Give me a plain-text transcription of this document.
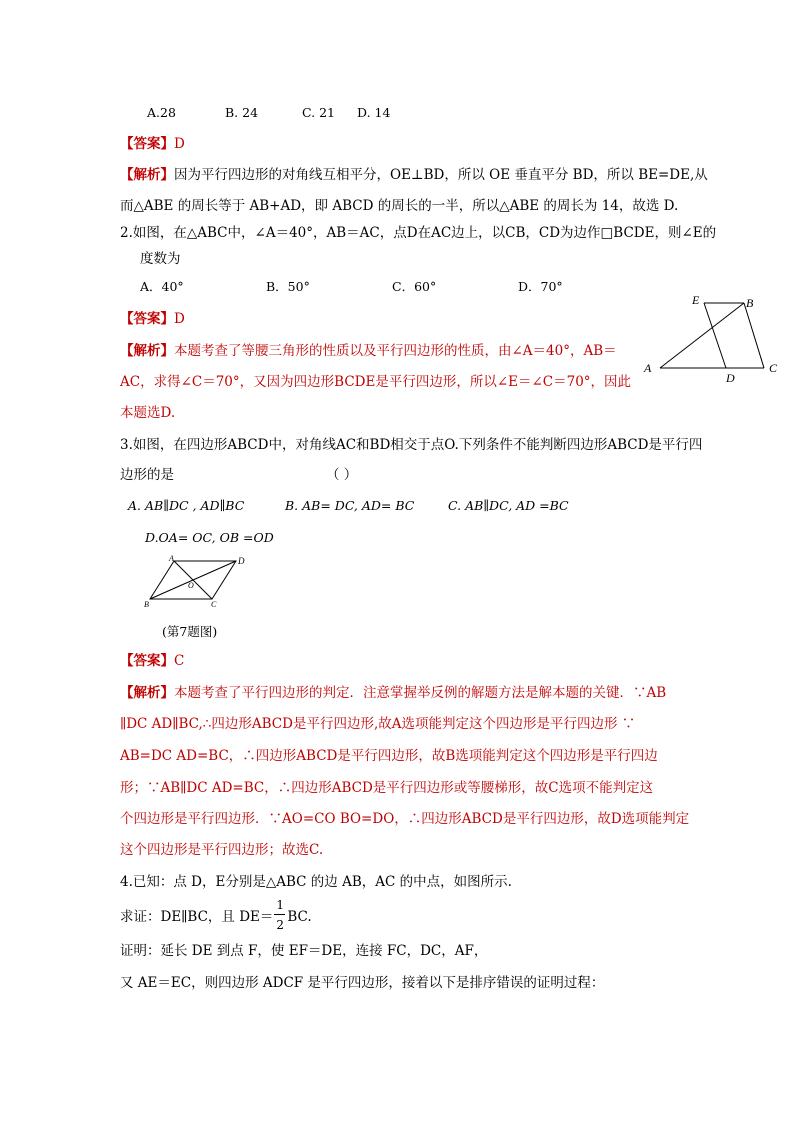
A.28	B. 24	C. 21 D. 14
【答案】D
【解析】因为平行四边形的对角线互相平分，OE⊥BD，所以 OE 垂直平分 BD，所以 BE=DE,从
而△ABE 的周长等于 AB+AD，即 ABCD 的周长的一半，所以△ABE 的周长为 14，故选 D.
2.如图，在△ABC中，∠A＝40°，AB＝AC，点D在AC边上，以CB，CD为边作□BCDE，则∠E的
度数为
A．40°	B．50°	C．60°	D．70°
E	B
A
D
C
【答案】D
【解析】本题考查了等腰三角形的性质以及平行四边形的性质，由∠A＝40°，AB＝
AC，求得∠C＝70°，又因为四边形BCDE是平行四边形，所以∠E＝∠C＝70°，因此
本题选D.
3.如图，在四边形ABCD中，对角线AC和BD相交于点O.下列条件不能判断四边形ABCD是平行四
边形的是	（ ）
A. AB∥DC , AD∥BC	B. AB= DC, AD= BC	C. AB∥DC, AD =BC
D.OA= OC, OB =OD
A	D
O
B	C
(第7题图)
【答案】C
【解析】本题考查了平行四边形的判定．注意掌握举反例的解题方法是解本题的关键．∵AB
∥DC AD∥BC,∴四边形ABCD是平行四边形,故A选项能判定这个四边形是平行四边形 ∵
AB=DC AD=BC，∴四边形ABCD是平行四边形，故B选项能判定这个四边形是平行四边
形；∵AB∥DC AD=BC，∴四边形ABCD是平行四边形或等腰梯形，故C选项不能判定这
个四边形是平行四边形．∵AO=CO BO=DO，∴四边形ABCD是平行四边形，故D选项能判定
这个四边形是平行四边形；故选C.
4.已知：点 D，E分别是△ABC 的边 AB，AC 的中点，如图所示.
求证：DE∥BC，且 $DE= \frac{1}{2}$ BC.
证明：延长 DE 到点 F，使 EF＝DE，连接 FC，DC，AF，
又 AE＝EC，则四边形 ADCF 是平行四边形，接着以下是排序错误的证明过程：
